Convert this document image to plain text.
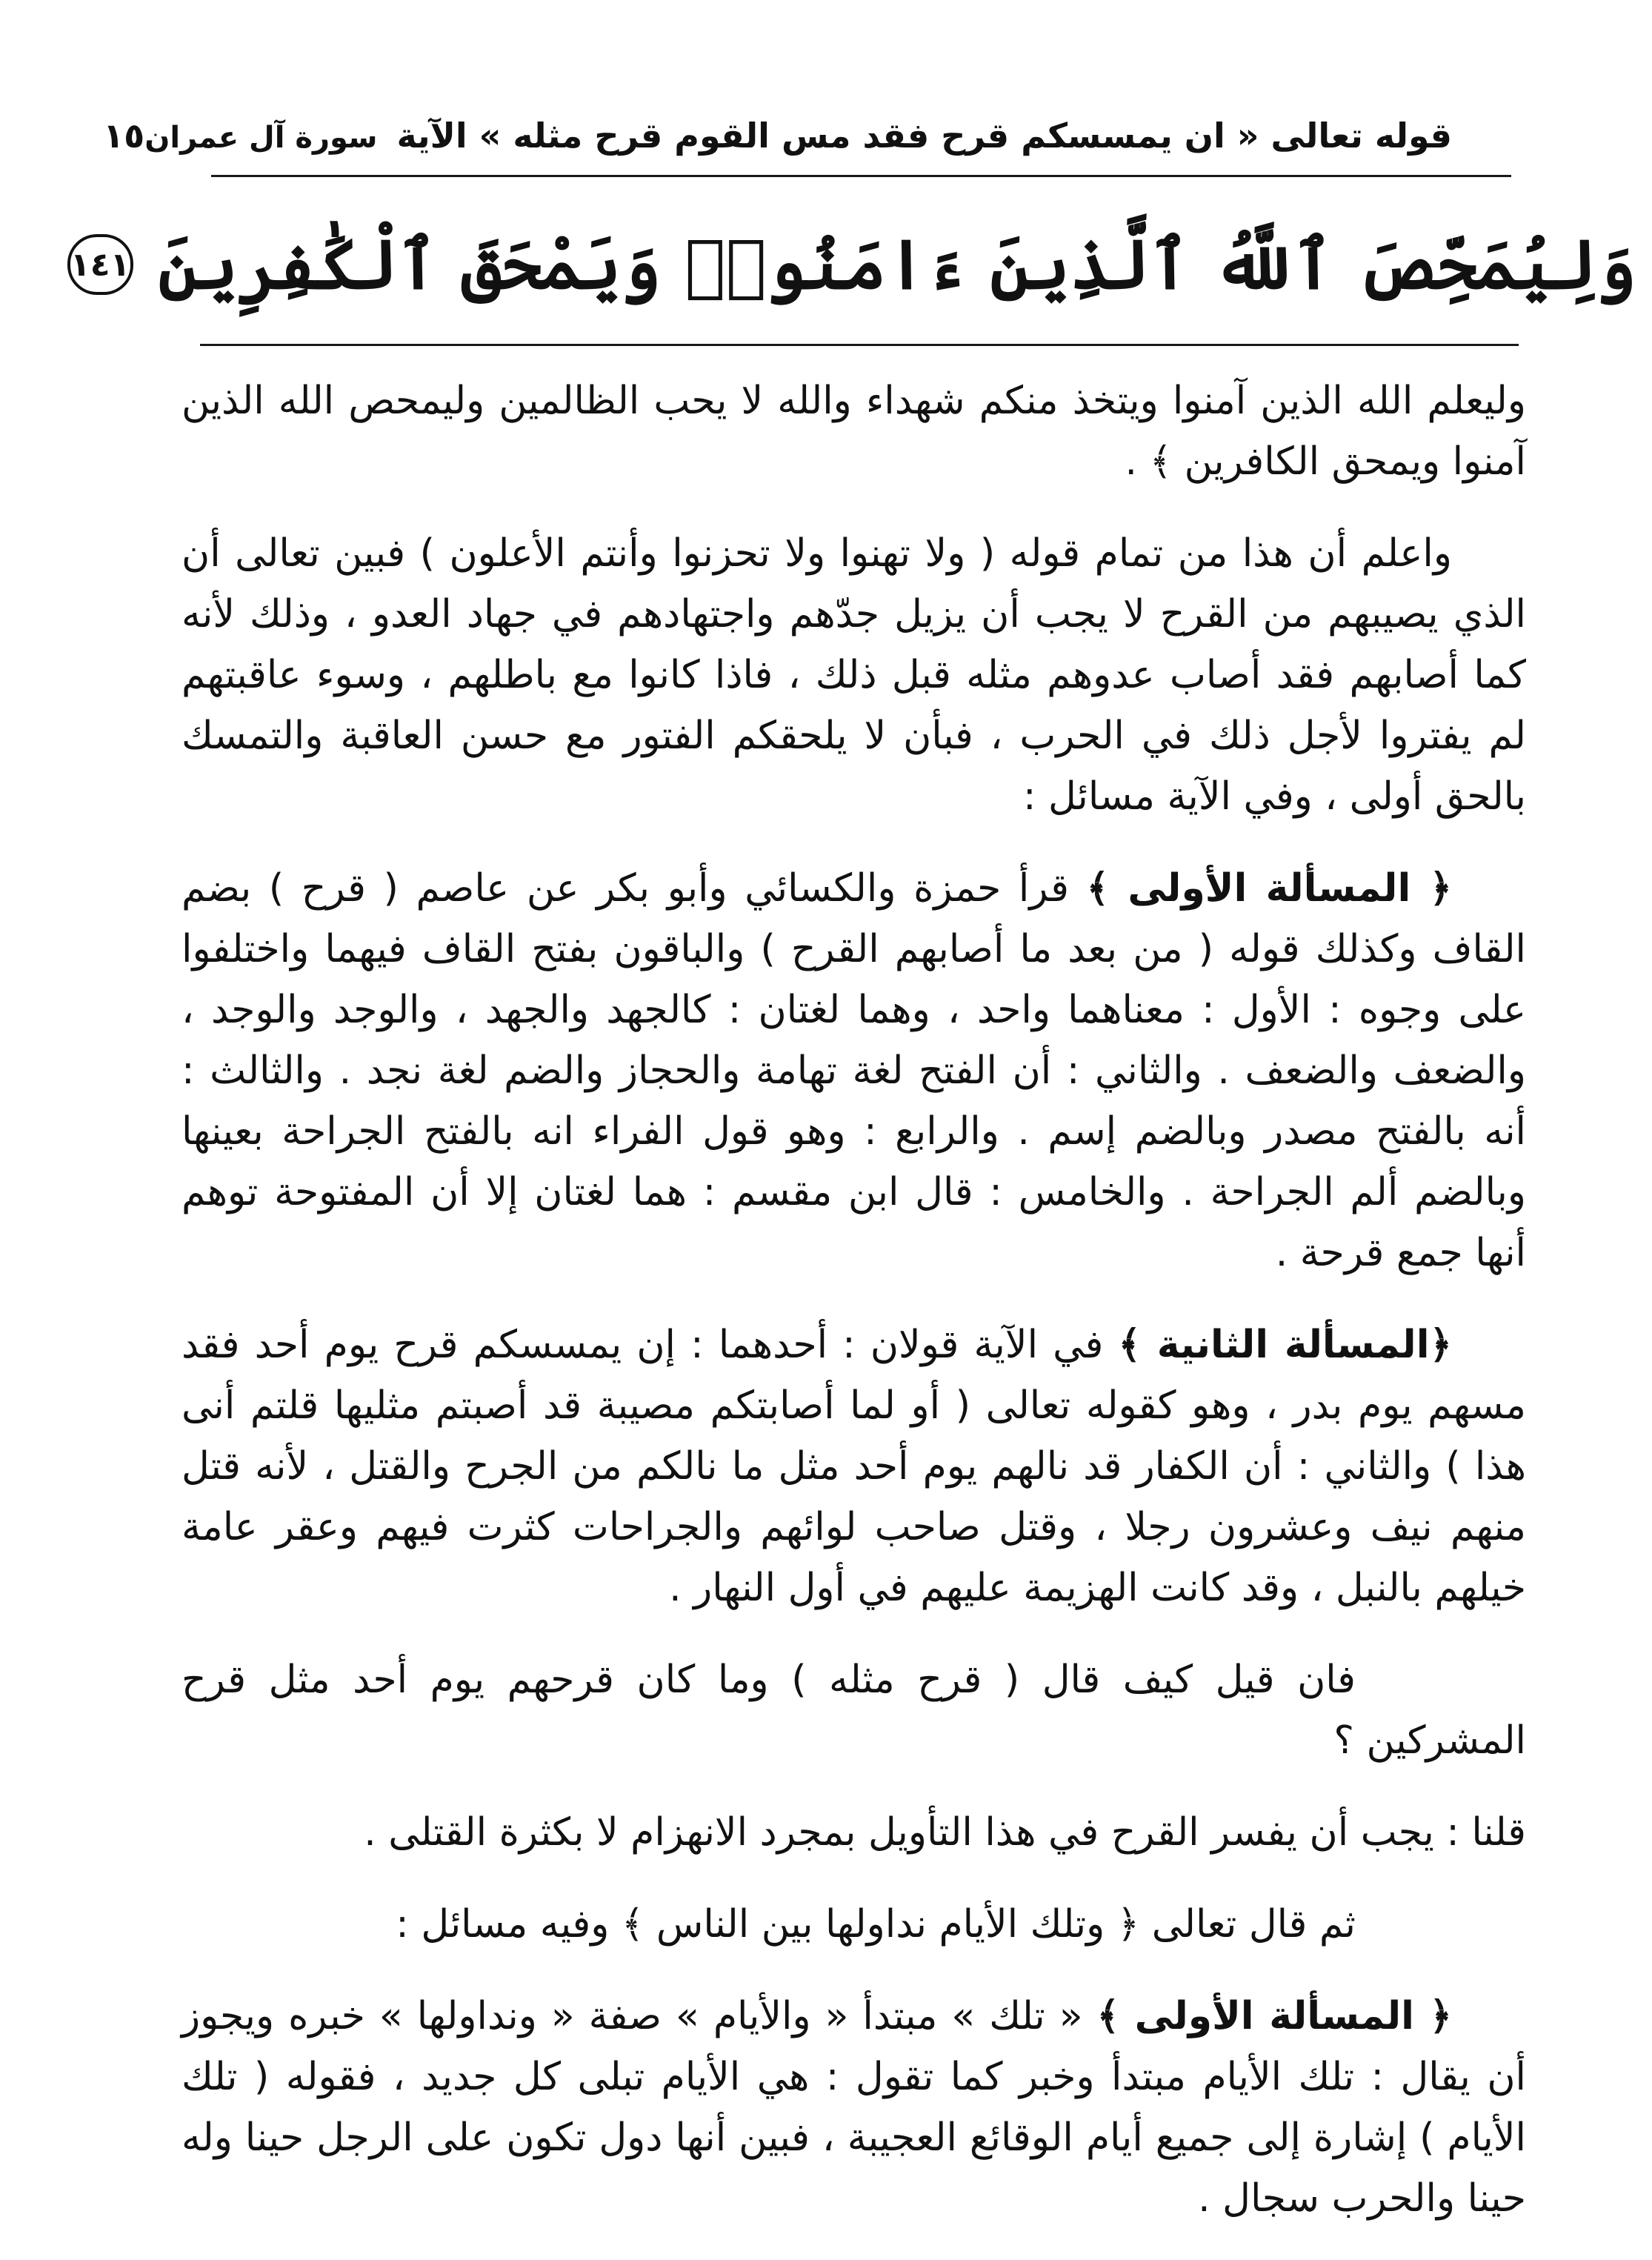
قوله تعالى « ان يمسسكم قرح فقد مس القوم قرح مثله » الآية سورة آل عمران
١٥
وَلِيُمَحِّصَ ٱللَّهُ ٱلَّذِينَ ءَامَنُوا۟ وَيَمْحَقَ ٱلْكَٰفِرِينَ
١٤١

وليعلم الله الذين آمنوا ويتخذ منكم شهداء والله لا يحب الظالمين وليمحص الله الذين آمنوا ويمحق الكافرين ﴾ .

واعلم أن هذا من تمام قوله ( ولا تهنوا ولا تحزنوا وأنتم الأعلون ) فبين تعالى أن الذي يصيبهم من القرح لا يجب أن يزيل جدّهم واجتهادهم في جهاد العدو ، وذلك لأنه كما أصابهم فقد أصاب عدوهم مثله قبل ذلك ، فاذا كانوا مع باطلهم ، وسوء عاقبتهم لم يفتروا لأجل ذلك في الحرب ، فبأن لا يلحقكم الفتور مع حسن العاقبة والتمسك بالحق أولى ، وفي الآية مسائل :

﴿ المسألة الأولى ﴾ قرأ حمزة والكسائي وأبو بكر عن عاصم ( قرح ) بضم القاف وكذلك قوله ( من بعد ما أصابهم القرح ) والباقون بفتح القاف فيهما واختلفوا على وجوه : الأول : معناهما واحد ، وهما لغتان : كالجهد والجهد ، والوجد والوجد ، والضعف والضعف . والثاني : أن الفتح لغة تهامة والحجاز والضم لغة نجد . والثالث : أنه بالفتح مصدر وبالضم إسم . والرابع : وهو قول الفراء انه بالفتح الجراحة بعينها وبالضم ألم الجراحة . والخامس : قال ابن مقسم : هما لغتان إلا أن المفتوحة توهم أنها جمع قرحة .

﴿المسألة الثانية ﴾ في الآية قولان : أحدهما : إن يمسسكم قرح يوم أحد فقد مسهم يوم بدر ، وهو كقوله تعالى ( أو لما أصابتكم مصيبة قد أصبتم مثليها قلتم أنى هذا ) والثاني : أن الكفار قد نالهم يوم أحد مثل ما نالكم من الجرح والقتل ، لأنه قتل منهم نيف وعشرون رجلا ، وقتل صاحب لوائهم والجراحات كثرت فيهم وعقر عامة خيلهم بالنبل ، وقد كانت الهزيمة عليهم في أول النهار .

فان قيل كيف قال ( قرح مثله ) وما كان قرحهم يوم أحد مثل قرح المشركين ؟

قلنا : يجب أن يفسر القرح في هذا التأويل بمجرد الانهزام لا بكثرة القتلى .

ثم قال تعالى ﴿ وتلك الأيام نداولها بين الناس ﴾ وفيه مسائل :

﴿ المسألة الأولى ﴾ « تلك » مبتدأ « والأيام » صفة « ونداولها » خبره ويجوز أن يقال : تلك الأيام مبتدأ وخبر كما تقول : هي الأيام تبلى كل جديد ، فقوله ( تلك الأيام ) إشارة إلى جميع أيام الوقائع العجيبة ، فبين أنها دول تكون على الرجل حينا وله حينا والحرب سجال .
